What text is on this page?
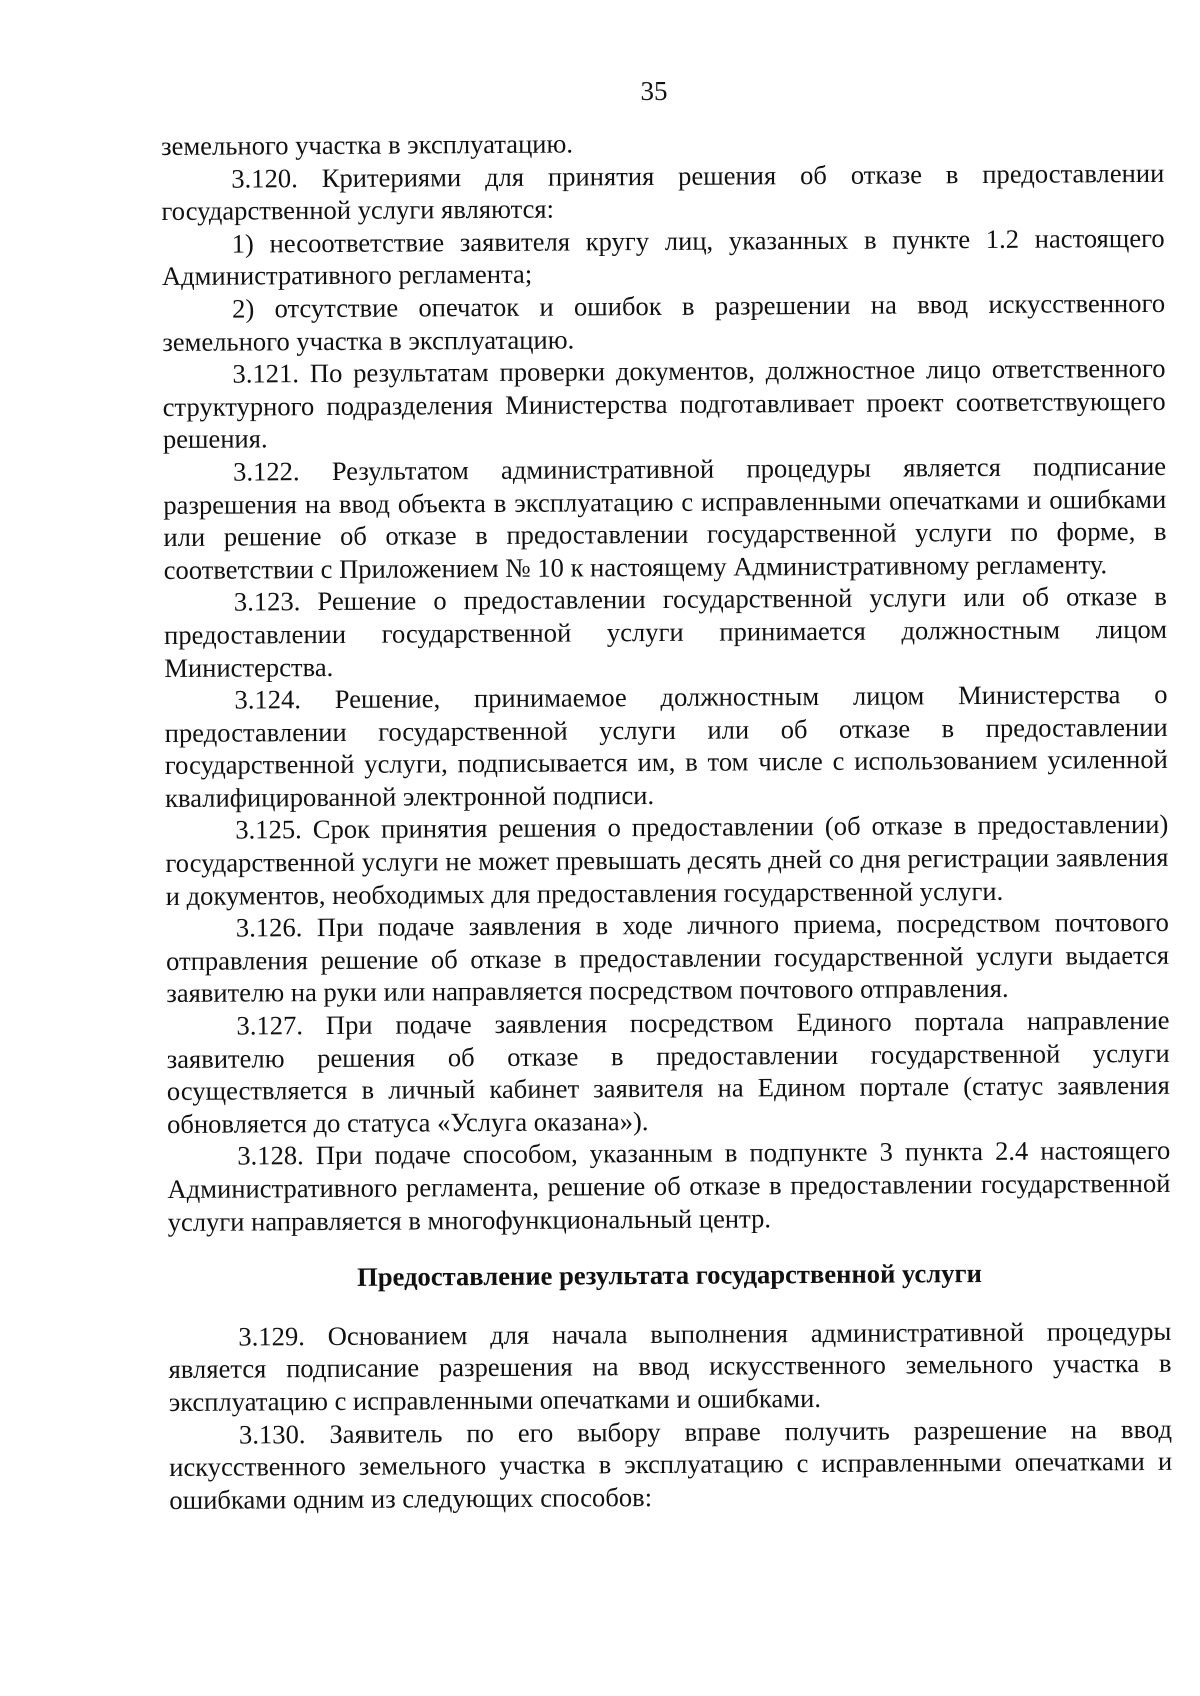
35

земельного участка в эксплуатацию.

3.120. Критериями для принятия решения об отказе в предоставлении государственной услуги являются:

1) несоответствие заявителя кругу лиц, указанных в пункте 1.2 настоящего Административного регламента;

2) отсутствие опечаток и ошибок в разрешении на ввод искусственного земельного участка в эксплуатацию.

3.121. По результатам проверки документов, должностное лицо ответственного структурного подразделения Министерства подготавливает проект соответствующего решения.

3.122. Результатом административной процедуры является подписание разрешения на ввод объекта в эксплуатацию с исправленными опечатками и ошибками или решение об отказе в предоставлении государственной услуги по форме, в соответствии с Приложением № 10 к настоящему Административному регламенту.

3.123. Решение о предоставлении государственной услуги или об отказе в предоставлении государственной услуги принимается должностным лицом Министерства.

3.124. Решение, принимаемое должностным лицом Министерства о предоставлении государственной услуги или об отказе в предоставлении государственной услуги, подписывается им, в том числе с использованием усиленной квалифицированной электронной подписи.

3.125. Срок принятия решения о предоставлении (об отказе в предоставлении) государственной услуги не может превышать десять дней со дня регистрации заявления и документов, необходимых для предоставления государственной услуги.

3.126. При подаче заявления в ходе личного приема, посредством почтового отправления решение об отказе в предоставлении государственной услуги выдается заявителю на руки или направляется посредством почтового отправления.

3.127. При подаче заявления посредством Единого портала направление заявителю решения об отказе в предоставлении государственной услуги осуществляется в личный кабинет заявителя на Едином портале (статус заявления обновляется до статуса «Услуга оказана»).

3.128. При подаче способом, указанным в подпункте 3 пункта 2.4 настоящего Административного регламента, решение об отказе в предоставлении государственной услуги направляется в многофункциональный центр.

Предоставление результата государственной услуги

3.129. Основанием для начала выполнения административной процедуры является подписание разрешения на ввод искусственного земельного участка в эксплуатацию с исправленными опечатками и ошибками.

3.130. Заявитель по его выбору вправе получить разрешение на ввод искусственного земельного участка в эксплуатацию с исправленными опечатками и ошибками одним из следующих способов:
